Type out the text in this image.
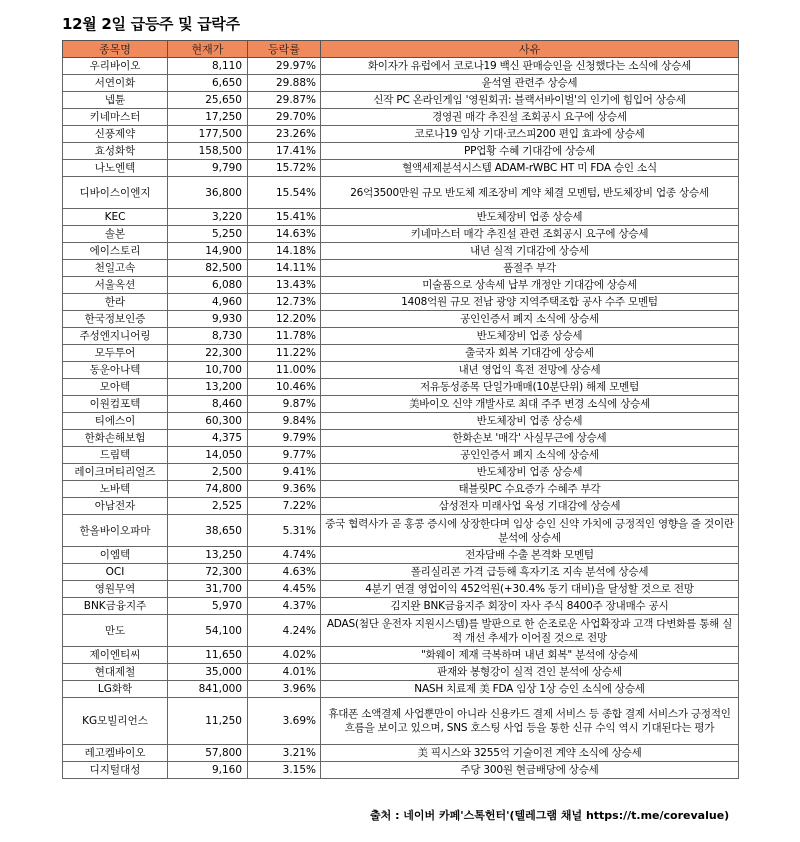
12월 2일 급등주 및 급락주
종목명	현재가	등락률	사유
우리바이오	8,110	29.97%	화이자가 유럽에서 코로나19 백신 판매승인을 신청했다는 소식에 상승세
서연이화	6,650	29.88%	윤석열 관련주 상승세
넵튠	25,650	29.87%	신작 PC 온라인게임 '영원회귀: 블랙서바이벌'의 인기에 힘입어 상승세
키네마스터	17,250	29.70%	경영권 매각 추진설 조회공시 요구에 상승세
신풍제약	177,500	23.26%	코로나19 임상 기대·코스피200 편입 효과에 상승세
효성화학	158,500	17.41%	PP업황 수혜 기대감에 상승세
나노엔텍	9,790	15.72%	혈액세제분석시스템 ADAM-rWBC HT 미 FDA 승인 소식
디바이스이엔지	36,800	15.54%	26억3500만원 규모 반도체 제조장비 계약 체결 모멘텀, 반도체장비 업종 상승세
KEC	3,220	15.41%	반도체장비 업종 상승세
솔본	5,250	14.63%	키네마스터 매각 추진설 관련 조회공시 요구에 상승세
에이스토리	14,900	14.18%	내년 실적 기대감에 상승세
천일고속	82,500	14.11%	품절주 부각
서울옥션	6,080	13.43%	미술품으로 상속세 납부 개정안 기대감에 상승세
한라	4,960	12.73%	1408억원 규모 전남 광양 지역주택조합 공사 수주 모멘텀
한국정보인증	9,930	12.20%	공인인증서 폐지 소식에 상승세
주성엔지니어링	8,730	11.78%	반도체장비 업종 상승세
모두투어	22,300	11.22%	출국자 회복 기대감에 상승세
동운아나텍	10,700	11.00%	내년 영업익 흑전 전망에 상승세
모아텍	13,200	10.46%	저유동성종목 단일가매매(10분단위) 해제 모멘텀
이원컴포텍	8,460	9.87%	美바이오 신약 개발사로 최대 주주 변경 소식에 상승세
티에스이	60,300	9.84%	반도체장비 업종 상승세
한화손해보험	4,375	9.79%	한화손보 '매각' 사실무근에 상승세
드림텍	14,050	9.77%	공인인증서 폐지 소식에 상승세
레이크머티리얼즈	2,500	9.41%	반도체장비 업종 상승세
노바텍	74,800	9.36%	태블릿PC 수요증가 수혜주 부각
아남전자	2,525	7.22%	삼성전자 미래사업 육성 기대감에 상승세
한올바이오파마	38,650	5.31%	중국 협력사가 곧 홍콩 증시에 상장한다며 임상 승인 신약 가치에 긍정적인 영향을 줄 것이란 분석에 상승세
이엠텍	13,250	4.74%	전자담배 수출 본격화 모멘텀
OCI	72,300	4.63%	폴리실리콘 가격 급등해 흑자기조 지속 분석에 상승세
영원무역	31,700	4.45%	4분기 연결 영업이익 452억원(+30.4% 동기 대비)을 달성할 것으로 전망
BNK금융지주	5,970	4.37%	김지완 BNK금융지주 회장이 자사 주식 8400주 장내매수 공시
만도	54,100	4.24%	ADAS(첨단 운전자 지원시스템)를 발판으로 한 순조로운 사업확장과 고객 다변화를 통해 실적 개선 추세가 이어질 것으로 전망
제이엔티씨	11,650	4.02%	"화웨이 제재 극복하며 내년 회복" 분석에 상승세
현대제철	35,000	4.01%	판재와 봉형강이 실적 견인 분석에 상승세
LG화학	841,000	3.96%	NASH 치료제 美 FDA 임상 1상 승인 소식에 상승세
KG모빌리언스	11,250	3.69%	휴대폰 소액결제 사업뿐만이 아니라 신용카드 결제 서비스 등 종합 결제 서비스가 긍정적인 흐름을 보이고 있으며, SNS 호스팅 사업 등을 통한 신규 수익 역시 기대된다는 평가
레고켐바이오	57,800	3.21%	美 픽시스와 3255억 기술이전 계약 소식에 상승세
디지털대성	9,160	3.15%	주당 300원 현금배당에 상승세
출처 : 네이버 카페'스톡헌터'(텔레그램 채널 https://t.me/corevalue)
